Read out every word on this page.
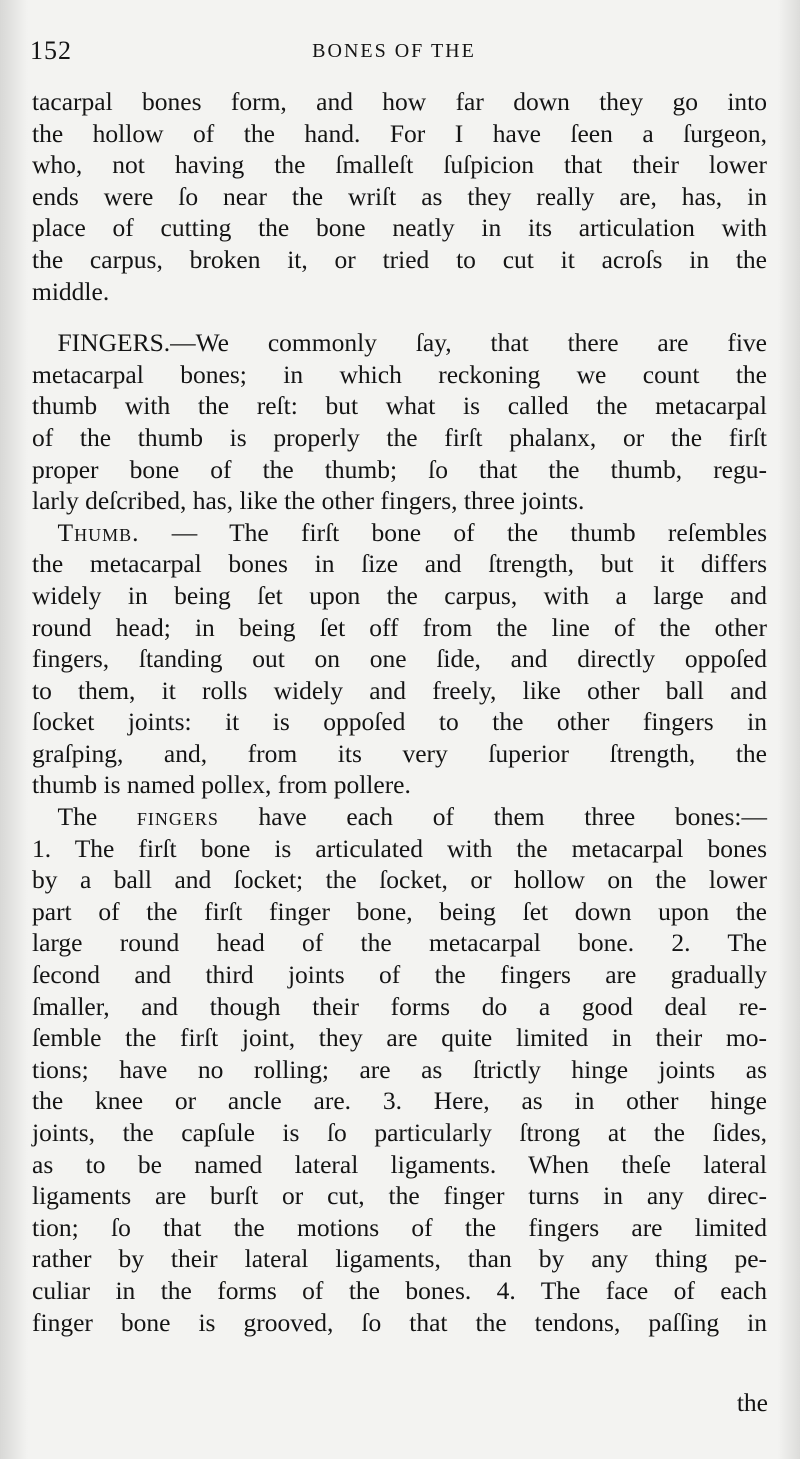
152	BONES OF THE
tacarpal bones form, and how far down they go into
the hollow of the hand. For I have ſeen a ſurgeon,
who, not having the ſmalleſt ſuſpicion that their lower
ends were ſo near the wriſt as they really are, has, in
place of cutting the bone neatly in its articulation with
the carpus, broken it, or tried to cut it acroſs in the
middle.
  FINGERS.—We commonly ſay, that there are five
metacarpal bones; in which reckoning we count the
thumb with the reſt: but what is called the metacarpal
of the thumb is properly the firſt phalanx, or the firſt
proper bone of the thumb; ſo that the thumb, regu-
larly deſcribed, has, like the other fingers, three joints.
  Thumb. — The firſt bone of the thumb reſembles
the metacarpal bones in ſize and ſtrength, but it differs
widely in being ſet upon the carpus, with a large and
round head; in being ſet off from the line of the other
fingers, ſtanding out on one ſide, and directly oppoſed
to them, it rolls widely and freely, like other ball and
ſocket joints: it is oppoſed to the other fingers in
graſping, and, from its very ſuperior ſtrength, the
thumb is named pollex, from pollere.
  The fingers have each of them three bones:—
1. The firſt bone is articulated with the metacarpal bones
by a ball and ſocket; the ſocket, or hollow on the lower
part of the firſt finger bone, being ſet down upon the
large round head of the metacarpal bone. 2. The
ſecond and third joints of the fingers are gradually
ſmaller, and though their forms do a good deal re-
ſemble the firſt joint, they are quite limited in their mo-
tions; have no rolling; are as ſtrictly hinge joints as
the knee or ancle are. 3. Here, as in other hinge
joints, the capſule is ſo particularly ſtrong at the ſides,
as to be named lateral ligaments. When theſe lateral
ligaments are burſt or cut, the finger turns in any direc-
tion; ſo that the motions of the fingers are limited
rather by their lateral ligaments, than by any thing pe-
culiar in the forms of the bones. 4. The face of each
finger bone is grooved, ſo that the tendons, paſſing in
the
